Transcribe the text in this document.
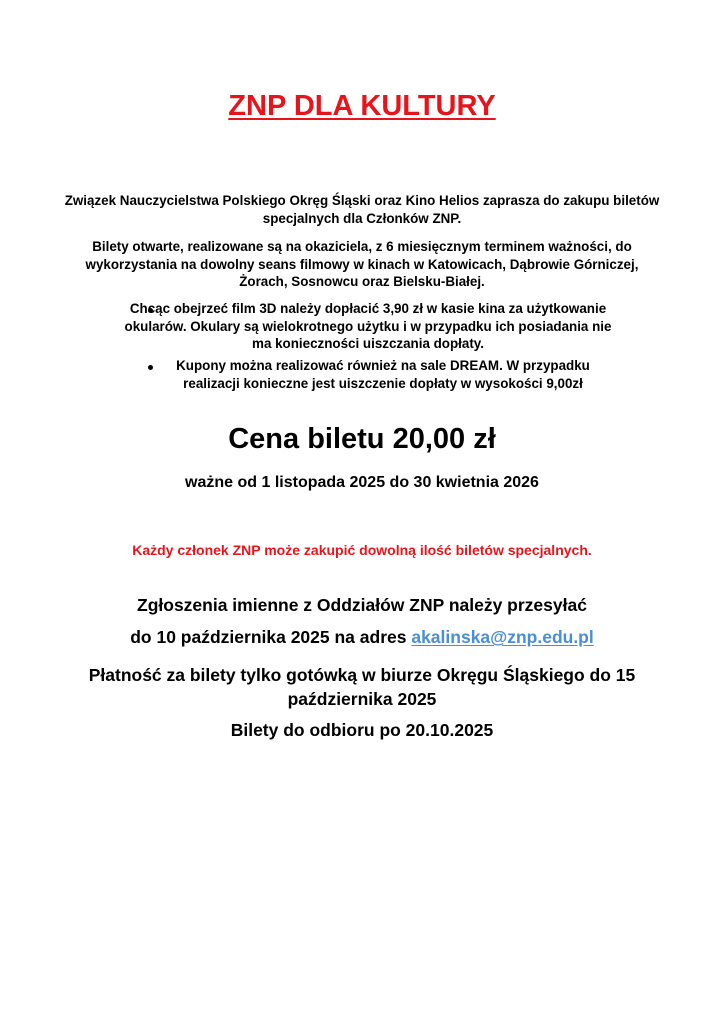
ZNP DLA KULTURY
Związek Nauczycielstwa Polskiego Okręg Śląski oraz Kino Helios zaprasza do zakupu biletów specjalnych dla Członków ZNP.
Bilety otwarte, realizowane są na okaziciela, z 6 miesięcznym terminem ważności, do wykorzystania na dowolny seans filmowy w kinach w Katowicach, Dąbrowie Górniczej, Żorach, Sosnowcu oraz Bielsku-Białej.
Chcąc obejrzeć film 3D należy dopłacić 3,90 zł w kasie kina za użytkowanie okularów. Okulary są wielokrotnego użytku i w przypadku ich posiadania nie ma konieczności uiszczania dopłaty.
Kupony można realizować również na sale DREAM. W przypadku realizacji konieczne jest uiszczenie dopłaty w wysokości 9,00zł
Cena biletu 20,00 zł
ważne od 1 listopada 2025 do 30 kwietnia 2026
Każdy członek ZNP może zakupić dowolną ilość biletów specjalnych.
Zgłoszenia imienne z Oddziałów ZNP należy przesyłać
do 10 października 2025 na adres akalinska@znp.edu.pl
Płatność za bilety tylko gotówką w biurze Okręgu Śląskiego do 15 października 2025
Bilety do odbioru po 20.10.2025
